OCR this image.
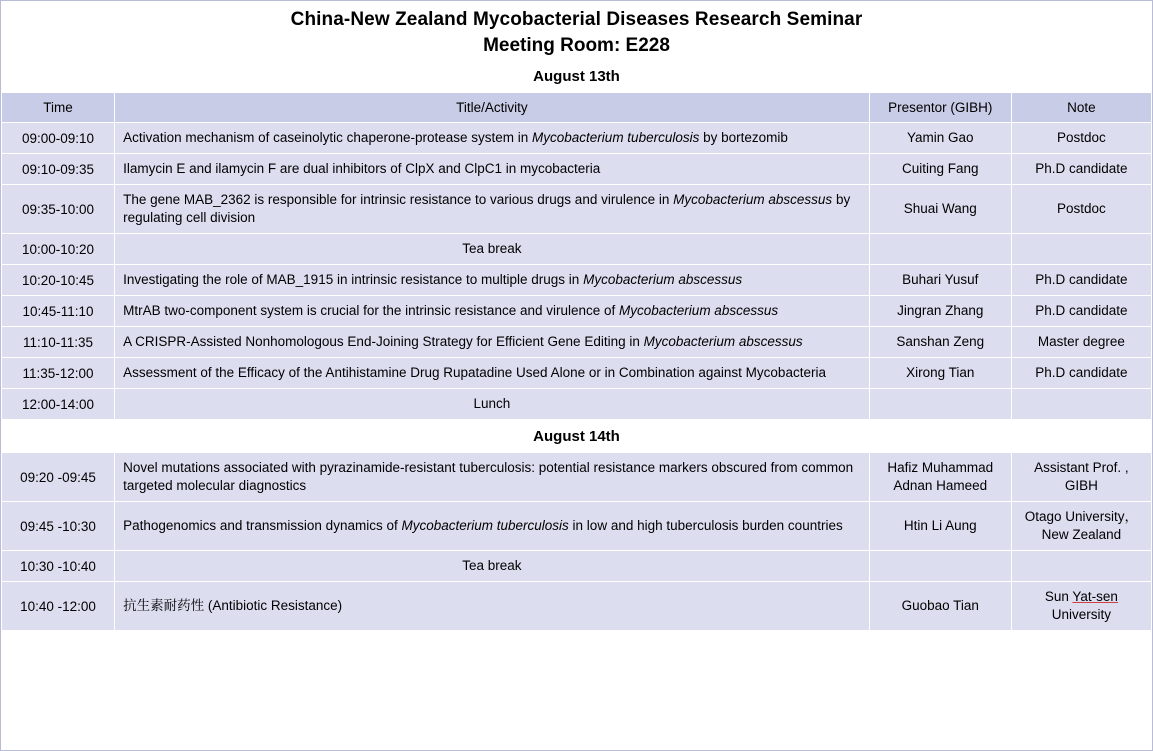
China-New Zealand Mycobacterial Diseases Research Seminar
Meeting Room: E228
August 13th			
Time	Title/Activity	Presentor (GIBH)	Note
09:00-09:10	Activation mechanism of caseinolytic chaperone-protease system in Mycobacterium tuberculosis by bortezomib	Yamin Gao	Postdoc
09:10-09:35	Ilamycin E and ilamycin F are dual inhibitors of ClpX and ClpC1 in mycobacteria	Cuiting Fang	Ph.D candidate
09:35-10:00	The gene MAB_2362 is responsible for intrinsic resistance to various drugs and virulence in Mycobacterium abscessus by regulating cell division	Shuai Wang	Postdoc
10:00-10:20	Tea break		
10:20-10:45	Investigating the role of MAB_1915 in intrinsic resistance to multiple drugs in Mycobacterium abscessus	Buhari Yusuf	Ph.D candidate
10:45-11:10	MtrAB two-component system is crucial for the intrinsic resistance and virulence of Mycobacterium abscessus	Jingran Zhang	Ph.D candidate
11:10-11:35	A CRISPR-Assisted Nonhomologous End-Joining Strategy for Efficient Gene Editing in Mycobacterium abscessus	Sanshan Zeng	Master degree
11:35-12:00	Assessment of the Efficacy of the Antihistamine Drug Rupatadine Used Alone or in Combination against Mycobacteria	Xirong Tian	Ph.D candidate
12:00-14:00	Lunch		
August 14th			
09:20 -09:45	Novel mutations associated with pyrazinamide-resistant tuberculosis: potential resistance markers obscured from common targeted molecular diagnostics	Hafiz Muhammad Adnan Hameed	Assistant Prof. , GIBH
09:45 -10:30	Pathogenomics and transmission dynamics of Mycobacterium tuberculosis in low and high tuberculosis burden countries	Htin Li Aung	Otago University，New Zealand
10:30 -10:40	Tea break		
10:40 -12:00	抗生素耐药性 (Antibiotic Resistance)	Guobao Tian	Sun Yat-sen University
